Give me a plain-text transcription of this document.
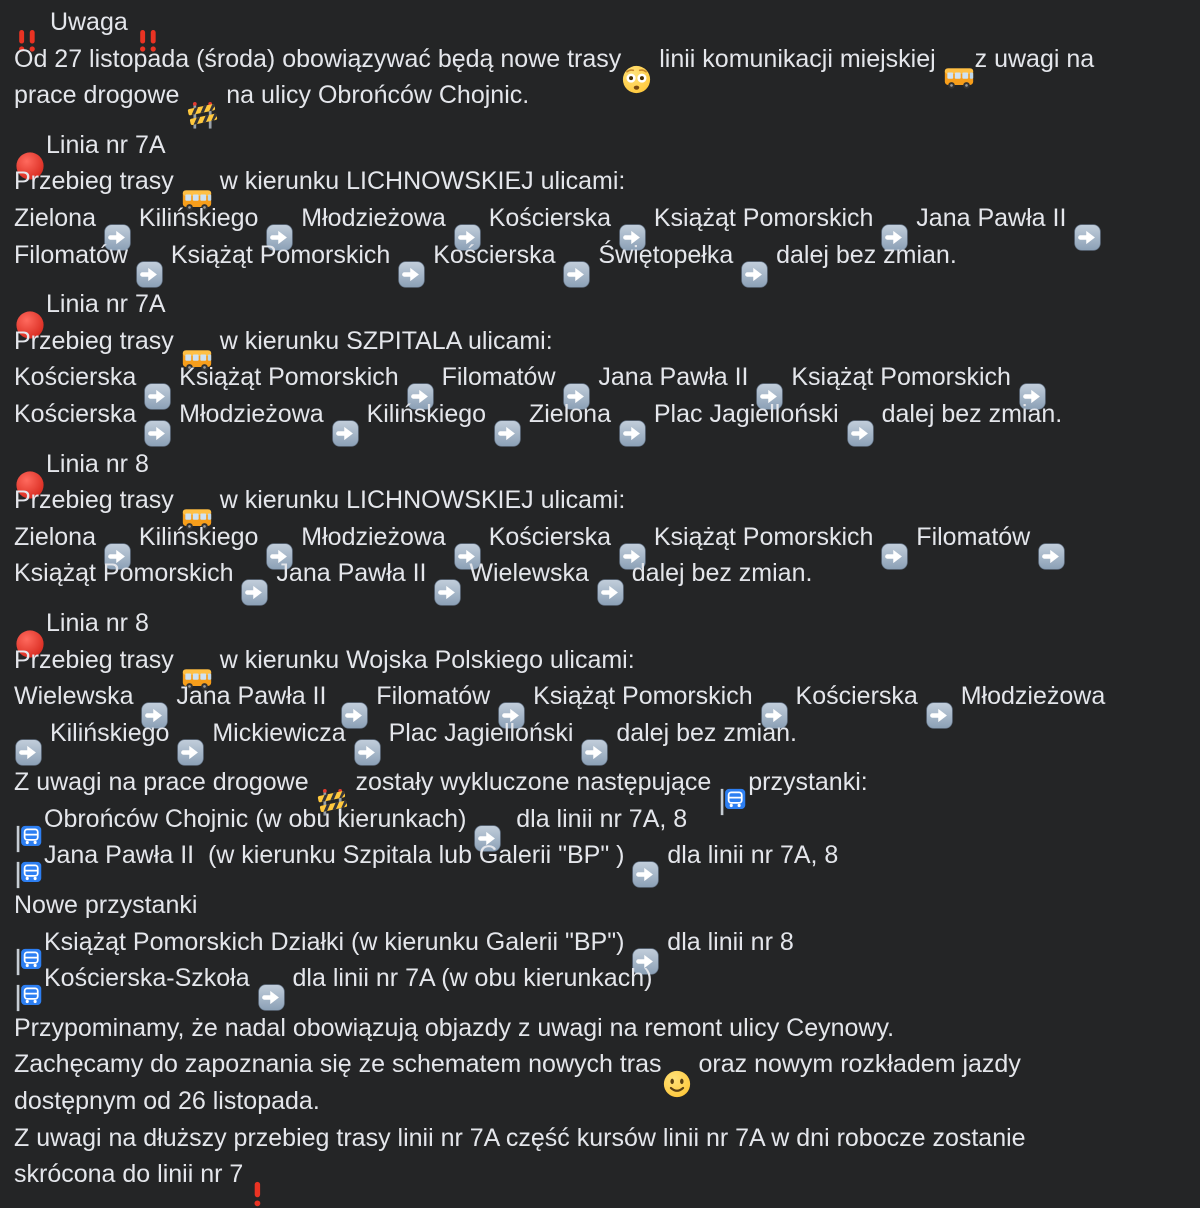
Uwaga
Od 27 listopada (środa) obowiązywać będą nowe trasy linii komunikacji miejskiej z uwagi na
prace drogowe  na ulicy Obrońców Chojnic.
Linia nr 7A
Przebieg trasy  w kierunku LICHNOWSKIEJ ulicami:
Zielona  Kilińskiego  Młodzieżowa  Kościerska  Książąt Pomorskich  Jana Pawła II
Filomatów  Książąt Pomorskich  Kościerska  Świętopełka  dalej bez zmian.
Linia nr 7A
Przebieg trasy  w kierunku SZPITALA ulicami:
Kościerska  Książąt Pomorskich  Filomatów  Jana Pawła II  Książąt Pomorskich
Kościerska  Młodzieżowa  Kilińskiego  Zielona  Plac Jagielloński  dalej bez zmian.
Linia nr 8
Przebieg trasy  w kierunku LICHNOWSKIEJ ulicami:
Zielona  Kilińskiego  Młodzieżowa  Kościerska  Książąt Pomorskich  Filomatów
Książąt Pomorskich  Jana Pawła II  Wielewska  dalej bez zmian.
Linia nr 8
Przebieg trasy  w kierunku Wojska Polskiego ulicami:
Wielewska  Jana Pawła II   Filomatów  Książąt Pomorskich  Kościerska  Młodzieżowa
Kilińskiego  Mickiewicza  Plac Jagielloński  dalej bez zmian.
Z uwagi na prace drogowe  zostały wykluczone następujące przystanki:
Obrońców Chojnic (w obu kierunkach)   dla linii nr 7A, 8
Jana Pawła II  (w kierunku Szpitala lub Galerii "BP" )  dla linii nr 7A, 8
Nowe przystanki
Książąt Pomorskich Działki (w kierunku Galerii "BP")  dla linii nr 8
Kościerska-Szkoła  dla linii nr 7A (w obu kierunkach)
Przypominamy, że nadal obowiązują objazdy z uwagi na remont ulicy Ceynowy.
Zachęcamy do zapoznania się ze schematem nowych tras oraz nowym rozkładem jazdy
dostępnym od 26 listopada.
Z uwagi na dłuższy przebieg trasy linii nr 7A część kursów linii nr 7A w dni robocze zostanie
skrócona do linii nr 7
